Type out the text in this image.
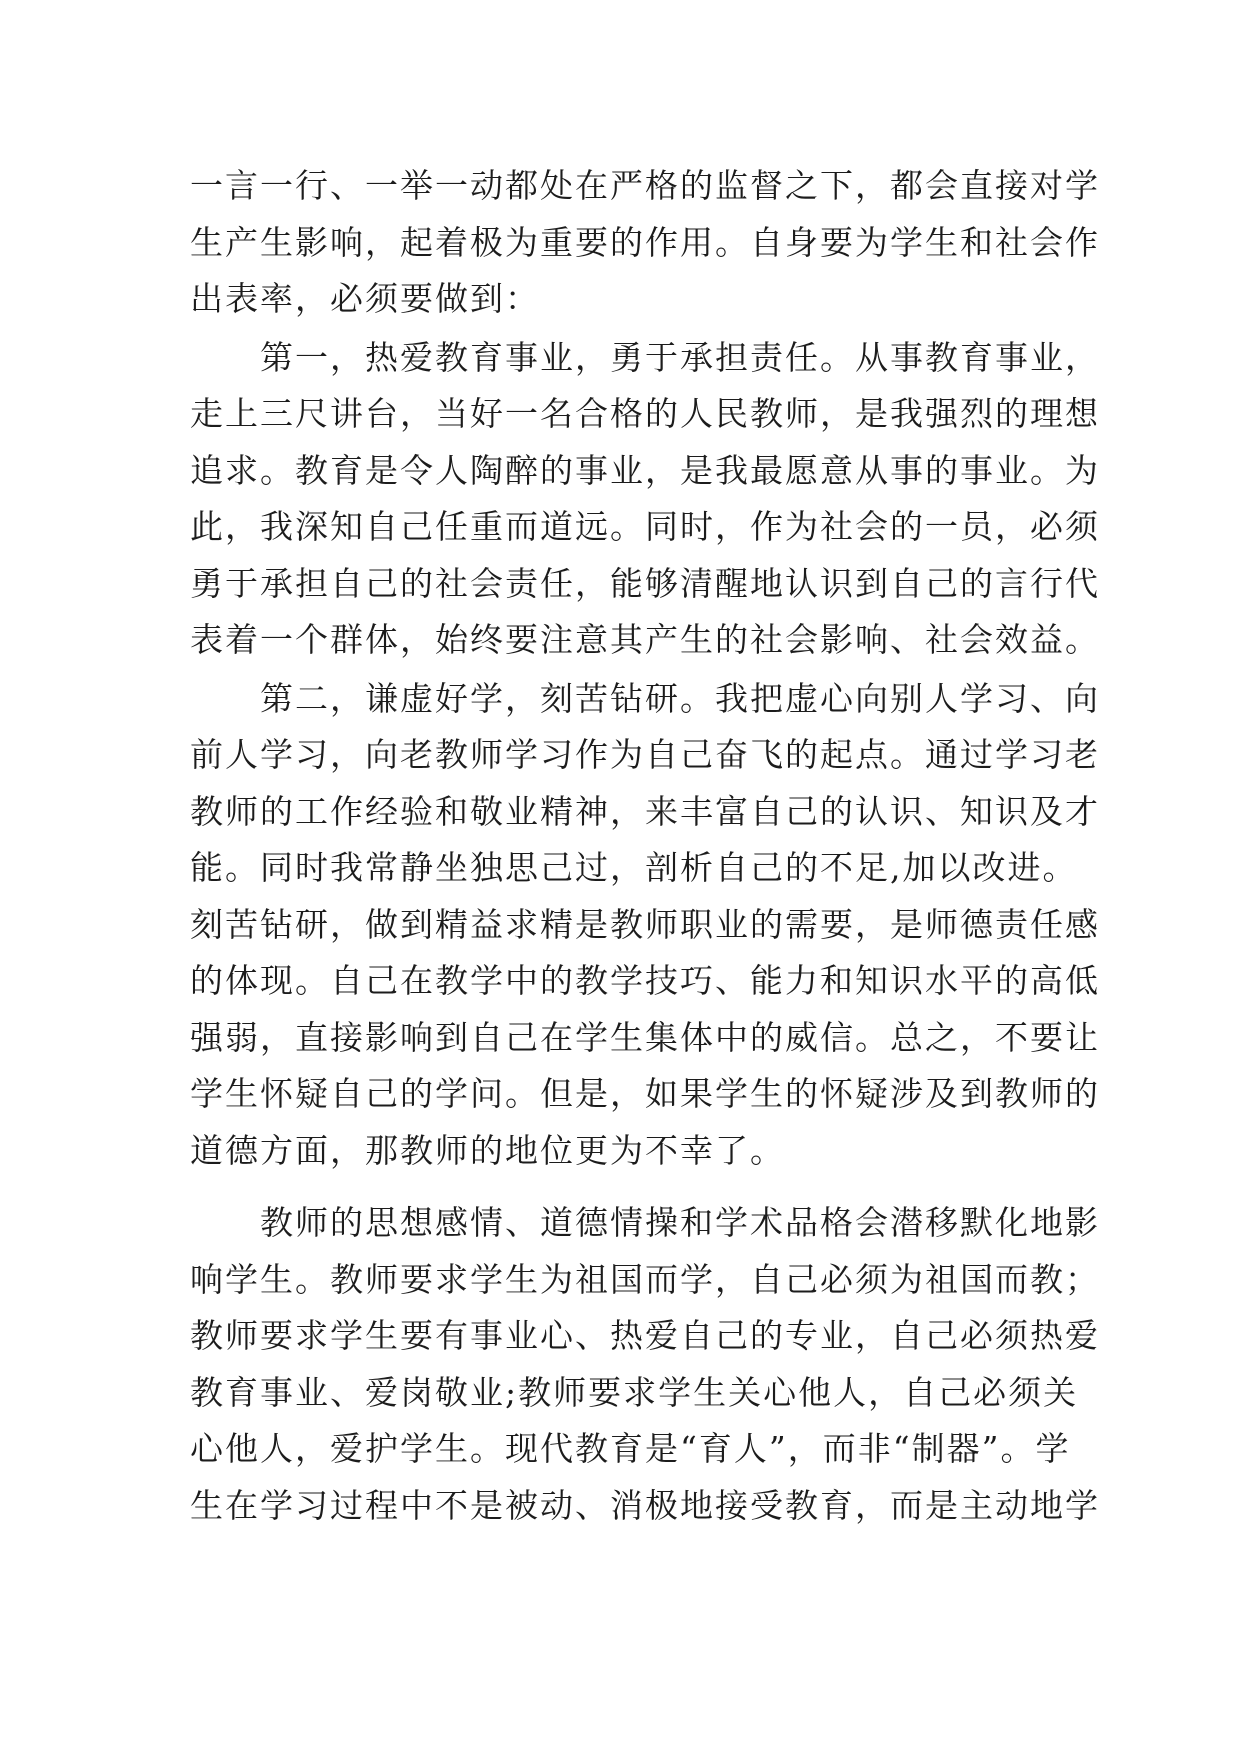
一言一行、一举一动都处在严格的监督之下，都会直接对学
生产生影响，起着极为重要的作用。自身要为学生和社会作
出表率，必须要做到：
　　第一，热爱教育事业，勇于承担责任。从事教育事业，
走上三尺讲台，当好一名合格的人民教师，是我强烈的理想
追求。教育是令人陶醉的事业，是我最愿意从事的事业。为
此，我深知自己任重而道远。同时，作为社会的一员，必须
勇于承担自己的社会责任，能够清醒地认识到自己的言行代
表着一个群体，始终要注意其产生的社会影响、社会效益。
　　第二，谦虚好学，刻苦钻研。我把虚心向别人学习、向
前人学习，向老教师学习作为自己奋飞的起点。通过学习老
教师的工作经验和敬业精神，来丰富自己的认识、知识及才
能。同时我常静坐独思己过，剖析自己的不足,加以改进。
刻苦钻研，做到精益求精是教师职业的需要，是师德责任感
的体现。自己在教学中的教学技巧、能力和知识水平的高低
强弱，直接影响到自己在学生集体中的威信。总之，不要让
学生怀疑自己的学问。但是，如果学生的怀疑涉及到教师的
道德方面，那教师的地位更为不幸了。
　　教师的思想感情、道德情操和学术品格会潜移默化地影
响学生。教师要求学生为祖国而学，自己必须为祖国而教；
教师要求学生要有事业心、热爱自己的专业，自己必须热爱
教育事业、爱岗敬业;教师要求学生关心他人，自己必须关
心他人，爱护学生。现代教育是“育人”，而非“制器”。学
生在学习过程中不是被动、消极地接受教育，而是主动地学
